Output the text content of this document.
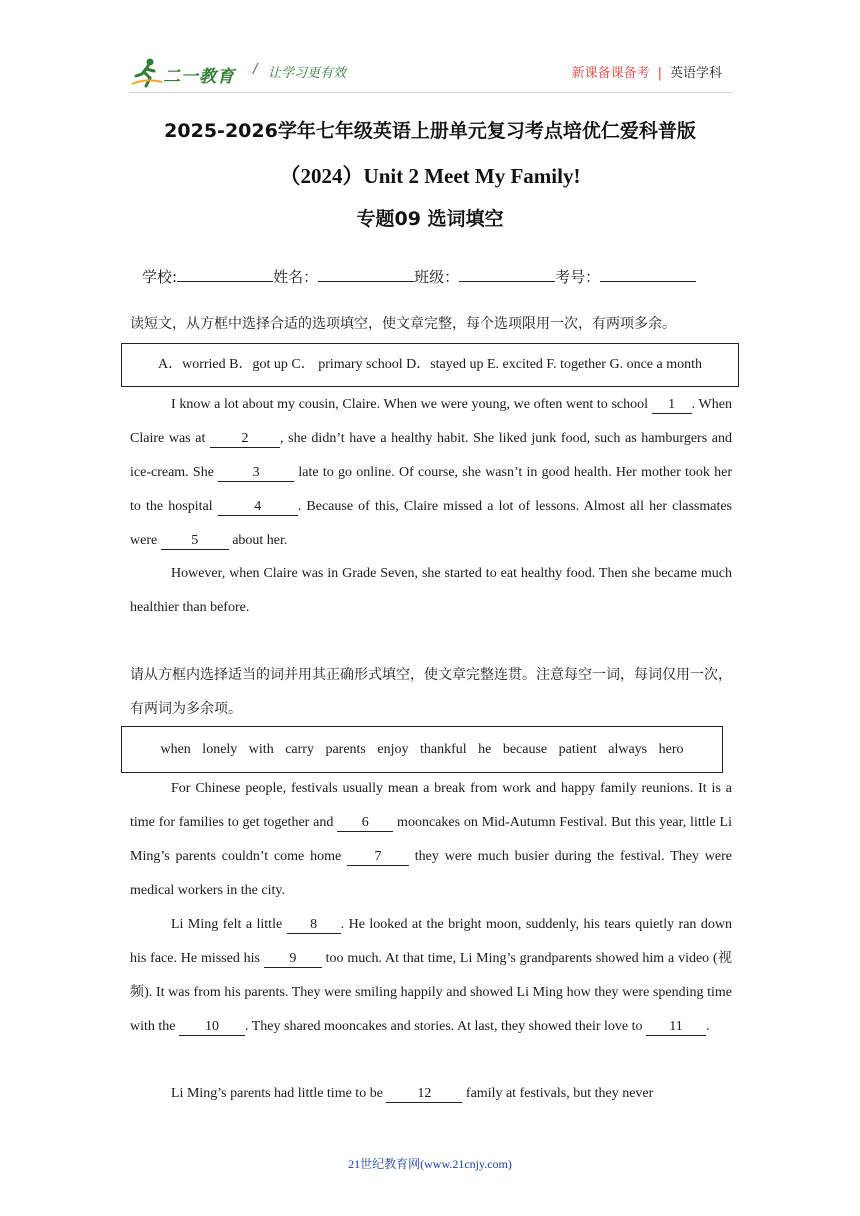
二一教育 / 让学习更有效	新课备课备考 | 英语学科
2025-2026学年七年级英语上册单元复习考点培优仁爱科普版
（2024）Unit 2 Meet My Family!
专题09 选词填空
学校:	姓名：	班级：	考号：
读短文，从方框中选择合适的选项填空，使文章完整，每个选项限用一次，有两项多余。
A．worried B．got up C． primary school D．stayed up E. excited F. together G. once a month
I know a lot about my cousin, Claire. When we were young, we often went to school 1 . When Claire was at 2 , she didn’t have a healthy habit. She liked junk food, such as hamburgers and ice-cream. She 3 late to go online. Of course, she wasn’t in good health. Her mother took her to the hospital	4	. Because of this, Claire missed a lot of lessons. Almost all her classmates were 5 about her.
However, when Claire was in Grade Seven, she started to eat healthy food. Then she became much healthier than before.
请从方框内选择适当的词并用其正确形式填空，使文章完整连贯。注意每空一词，每词仅用一次，有两词为多余项。
when lonely with carry parents enjoy thankful he because patient always hero
For Chinese people, festivals usually mean a break from work and happy family reunions. It is a time for families to get together and 6 mooncakes on Mid-Autumn Festival. But this year, little Li Ming’s parents couldn’t come home 7 they were much busier during the festival. They were medical workers in the city.
Li Ming felt a little 8 . He looked at the bright moon, suddenly, his tears quietly ran down his face. He missed his 9 too much. At that time, Li Ming’s grandparents showed him a video (视频). It was from his parents. They were smiling happily and showed Li Ming how they were spending time with the 10 . They shared mooncakes and stories. At last, they showed their love to 11 .
Li Ming’s parents had little time to be 12 family at festivals, but they never
21世纪教育网(www.21cnjy.com)
